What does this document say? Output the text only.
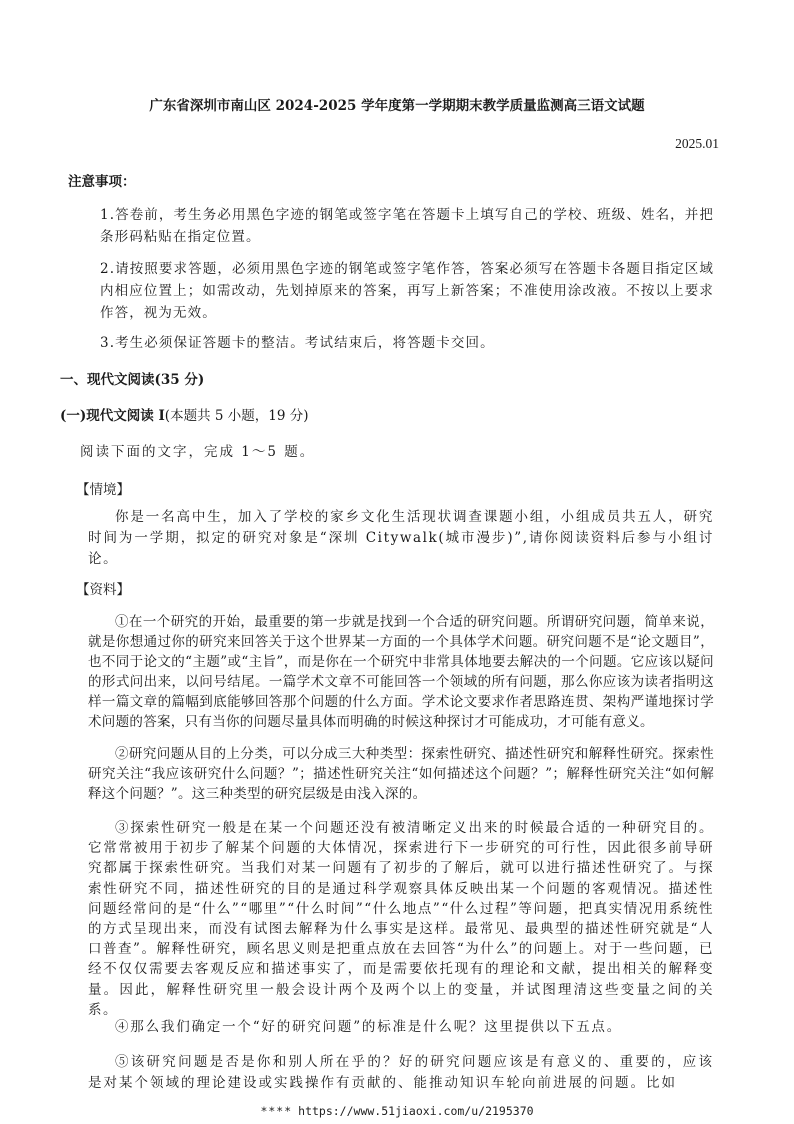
广东省深圳市南山区 2024-2025 学年度第一学期期末教学质量监测高三语文试题
2025.01
注意事项：
1.答卷前，考生务必用黑色字迹的钢笔或签字笔在答题卡上填写自己的学校、班级、姓名，并把条形码粘贴在指定位置。
2.请按照要求答题，必须用黑色字迹的钢笔或签字笔作答，答案必须写在答题卡各题目指定区域内相应位置上；如需改动，先划掉原来的答案，再写上新答案；不准使用涂改液。不按以上要求作答，视为无效。
3.考生必须保证答题卡的整洁。考试结束后，将答题卡交回。
一、现代文阅读(35 分)
(一)现代文阅读 I(本题共 5 小题，19 分)
阅读下面的文字，完成 1～5 题。
【情境】
你是一名高中生，加入了学校的家乡文化生活现状调查课题小组，小组成员共五人，研究时间为一学期，拟定的研究对象是“深圳 Citywalk(城市漫步)”,请你阅读资料后参与小组讨论。
【资料】
①在一个研究的开始，最重要的第一步就是找到一个合适的研究问题。所谓研究问题，简单来说，就是你想通过你的研究来回答关于这个世界某一方面的一个具体学术问题。研究问题不是“论文题目”，也不同于论文的“主题”或“主旨”，而是你在一个研究中非常具体地要去解决的一个问题。它应该以疑问的形式问出来，以问号结尾。一篇学术文章不可能回答一个领域的所有问题，那么你应该为读者指明这样一篇文章的篇幅到底能够回答那个问题的什么方面。学术论文要求作者思路连贯、架构严谨地探讨学术问题的答案，只有当你的问题尽量具体而明确的时候这种探讨才可能成功，才可能有意义。
②研究问题从目的上分类，可以分成三大种类型：探索性研究、描述性研究和解释性研究。探索性研究关注“我应该研究什么问题？”；描述性研究关注“如何描述这个问题？”；解释性研究关注“如何解释这个问题？”。这三种类型的研究层级是由浅入深的。
③探索性研究一般是在某一个问题还没有被清晰定义出来的时候最合适的一种研究目的。它常常被用于初步了解某个问题的大体情况，探索进行下一步研究的可行性，因此很多前导研究都属于探索性研究。当我们对某一问题有了初步的了解后，就可以进行描述性研究了。与探索性研究不同，描述性研究的目的是通过科学观察具体反映出某一个问题的客观情况。描述性问题经常问的是“什么”“哪里”“什么时间”“什么地点”“什么过程”等问题，把真实情况用系统性的方式呈现出来，而没有试图去解释为什么事实是这样。最常见、最典型的描述性研究就是“人口普查”。解释性研究，顾名思义则是把重点放在去回答“为什么”的问题上。对于一些问题，已经不仅仅需要去客观反应和描述事实了，而是需要依托现有的理论和文献，提出相关的解释变量。因此，解释性研究里一般会设计两个及两个以上的变量，并试图理清这些变量之间的关系。
④那么我们确定一个“好的研究问题”的标准是什么呢？这里提供以下五点。
⑤该研究问题是否是你和别人所在乎的？好的研究问题应该是有意义的、重要的，应该是对某个领域的理论建设或实践操作有贡献的、能推动知识车轮向前进展的问题。比如
**** https://www.51jiaoxi.com/u/2195370
